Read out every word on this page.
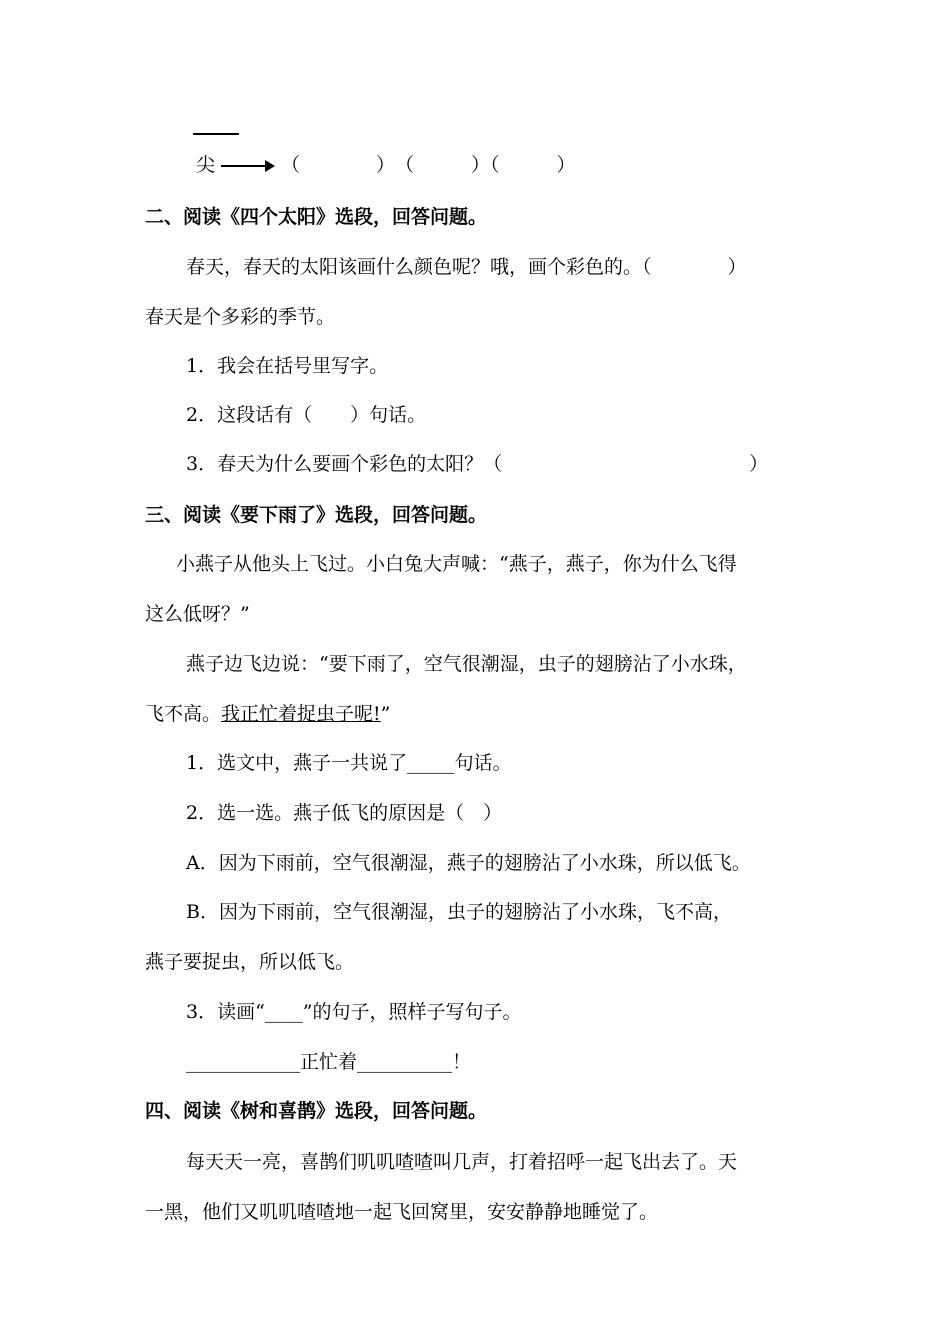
尖	（　　　　）　（　　　）（　　　）
二、阅读《四个太阳》选段，回答问题。
春天，春天的太阳该画什么颜色呢？哦，画个彩色的。（　　　　）
春天是个多彩的季节。
1．我会在括号里写字。
2．这段话有（　　）句话。
3．春天为什么要画个彩色的太阳？（　　　　　　　　　　　　　）
三、阅读《要下雨了》选段，回答问题。
小燕子从他头上飞过。小白兔大声喊：“燕子，燕子，你为什么飞得
这么低呀？”
燕子边飞边说：“要下雨了，空气很潮湿，虫子的翅膀沾了小水珠，
飞不高。我正忙着捉虫子呢!”
1．选文中，燕子一共说了_____句话。
2．选一选。燕子低飞的原因是（　）
A．因为下雨前，空气很潮湿，燕子的翅膀沾了小水珠，所以低飞。
B．因为下雨前，空气很潮湿，虫子的翅膀沾了小水珠，飞不高，
燕子要捉虫，所以低飞。
3．读画“____”的句子，照样子写句子。
____________正忙着__________！
四、阅读《树和喜鹊》选段，回答问题。
每天天一亮，喜鹊们叽叽喳喳叫几声，打着招呼一起飞出去了。天
一黑，他们又叽叽喳喳地一起飞回窝里，安安静静地睡觉了。
